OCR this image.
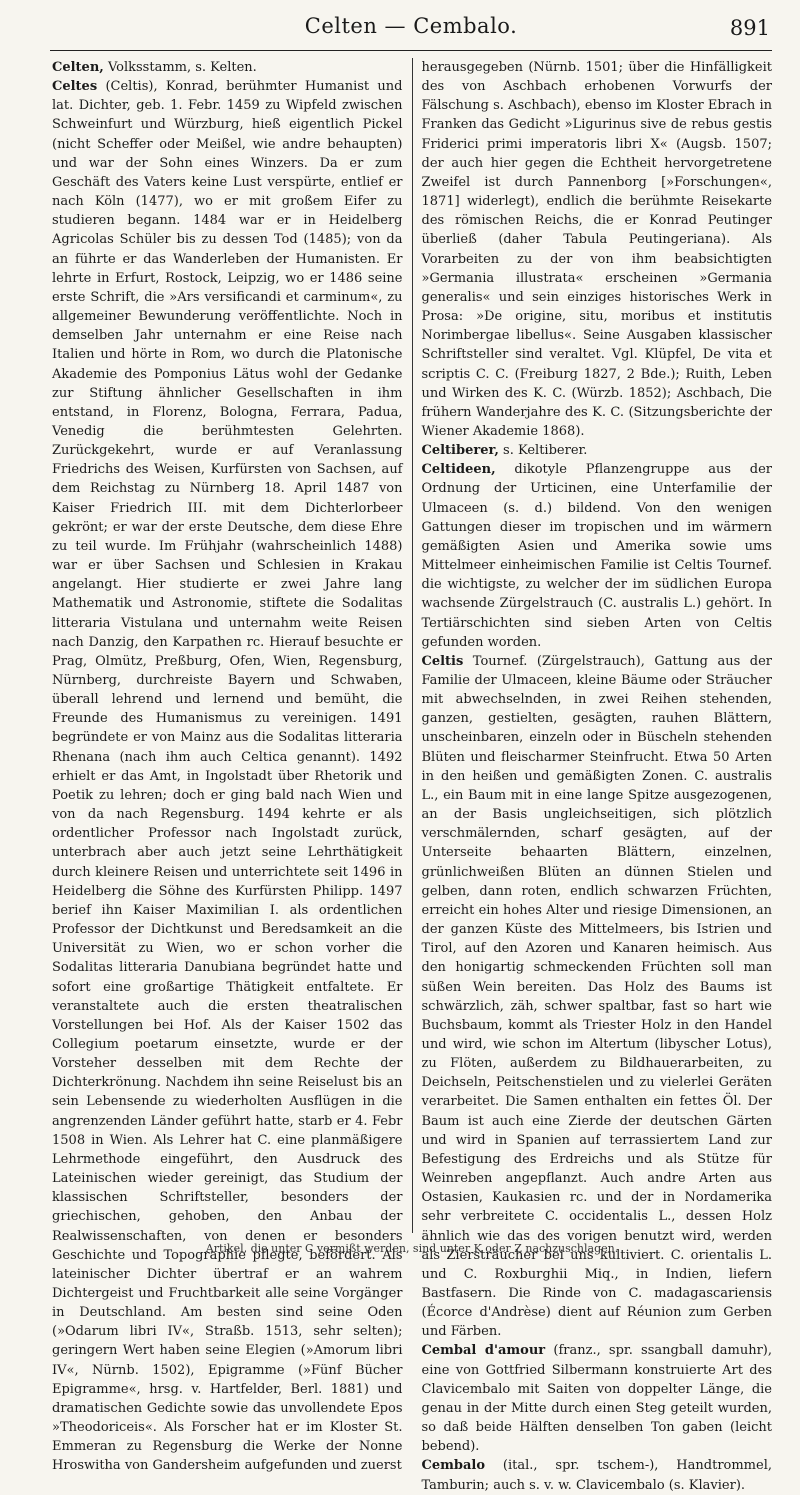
Celten — Cembalo.	891

Celten, Volksstamm, s. Kelten.

Celtes (Celtis), Konrad, berühmter Humanist und lat. Dichter, geb. 1. Febr. 1459 zu Wipfeld zwischen Schweinfurt und Würzburg, hieß eigentlich Pickel (nicht Scheffer oder Meißel, wie andre behaupten) und war der Sohn eines Winzers. Da er zum Geschäft des Vaters keine Lust verspürte, entlief er nach Köln (1477), wo er mit großem Eifer zu studieren begann. 1484 war er in Heidelberg Agricolas Schüler bis zu dessen Tod (1485); von da an führte er das Wanderleben der Humanisten. Er lehrte in Erfurt, Rostock, Leipzig, wo er 1486 seine erste Schrift, die »Ars versificandi et carminum«, zu allgemeiner Bewunderung veröffentlichte. Noch in demselben Jahr unternahm er eine Reise nach Italien und hörte in Rom, wo durch die Platonische Akademie des Pomponius Lätus wohl der Gedanke zur Stiftung ähnlicher Gesellschaften in ihm entstand, in Florenz, Bologna, Ferrara, Padua, Venedig die berühmtesten Gelehrten. Zurückgekehrt, wurde er auf Veranlassung Friedrichs des Weisen, Kurfürsten von Sachsen, auf dem Reichstag zu Nürnberg 18. April 1487 von Kaiser Friedrich III. mit dem Dichterlorbeer gekrönt; er war der erste Deutsche, dem diese Ehre zu teil wurde. Im Frühjahr (wahrscheinlich 1488) war er über Sachsen und Schlesien in Krakau angelangt. Hier studierte er zwei Jahre lang Mathematik und Astronomie, stiftete die Sodalitas litteraria Vistulana und unternahm weite Reisen nach Danzig, den Karpathen rc. Hierauf besuchte er Prag, Olmütz, Preßburg, Ofen, Wien, Regensburg, Nürnberg, durchreiste Bayern und Schwaben, überall lehrend und lernend und bemüht, die Freunde des Humanismus zu vereinigen. 1491 begründete er von Mainz aus die Sodalitas litteraria Rhenana (nach ihm auch Celtica genannt). 1492 erhielt er das Amt, in Ingolstadt über Rhetorik und Poetik zu lehren; doch er ging bald nach Wien und von da nach Regensburg. 1494 kehrte er als ordentlicher Professor nach Ingolstadt zurück, unterbrach aber auch jetzt seine Lehrthätigkeit durch kleinere Reisen und unterrichtete seit 1496 in Heidelberg die Söhne des Kurfürsten Philipp. 1497 berief ihn Kaiser Maximilian I. als ordentlichen Professor der Dichtkunst und Beredsamkeit an die Universität zu Wien, wo er schon vorher die Sodalitas litteraria Danubiana begründet hatte und sofort eine großartige Thätigkeit entfaltete. Er veranstaltete auch die ersten theatralischen Vorstellungen bei Hof. Als der Kaiser 1502 das Collegium poetarum einsetzte, wurde er der Vorsteher desselben mit dem Rechte der Dichterkrönung. Nachdem ihn seine Reiselust bis an sein Lebensende zu wiederholten Ausflügen in die angrenzenden Länder geführt hatte, starb er 4. Febr 1508 in Wien. Als Lehrer hat C. eine planmäßigere Lehrmethode eingeführt, den Ausdruck des Lateinischen wieder gereinigt, das Studium der klassischen Schriftsteller, besonders der griechischen, gehoben, den Anbau der Realwissenschaften, von denen er besonders Geschichte und Topographie pflegte, befördert. Als lateinischer Dichter übertraf er an wahrem Dichtergeist und Fruchtbarkeit alle seine Vorgänger in Deutschland. Am besten sind seine Oden (»Odarum libri IV«, Straßb. 1513, sehr selten); geringern Wert haben seine Elegien (»Amorum libri IV«, Nürnb. 1502), Epigramme (»Fünf Bücher Epigramme«, hrsg. v. Hartfelder, Berl. 1881) und dramatischen Gedichte sowie das unvollendete Epos »Theodoriceis«. Als Forscher hat er im Kloster St. Emmeran zu Regensburg die Werke der Nonne Hroswitha von Gandersheim aufgefunden und zuerst

herausgegeben (Nürnb. 1501; über die Hinfälligkeit des von Aschbach erhobenen Vorwurfs der Fälschung s. Aschbach), ebenso im Kloster Ebrach in Franken das Gedicht »Ligurinus sive de rebus gestis Friderici primi imperatoris libri X« (Augsb. 1507; der auch hier gegen die Echtheit hervorgetretene Zweifel ist durch Pannenborg [»Forschungen«, 1871] widerlegt), endlich die berühmte Reisekarte des römischen Reichs, die er Konrad Peutinger überließ (daher Tabula Peutingeriana). Als Vorarbeiten zu der von ihm beabsichtigten »Germania illustrata« erscheinen »Germania generalis« und sein einziges historisches Werk in Prosa: »De origine, situ, moribus et institutis Norimbergae libellus«. Seine Ausgaben klassischer Schriftsteller sind veraltet. Vgl. Klüpfel, De vita et scriptis C. C. (Freiburg 1827, 2 Bde.); Ruith, Leben und Wirken des K. C. (Würzb. 1852); Aschbach, Die frühern Wanderjahre des K. C. (Sitzungsberichte der Wiener Akademie 1868).

Celtiberer, s. Keltiberer.

Celtideen, dikotyle Pflanzengruppe aus der Ordnung der Urticinen, eine Unterfamilie der Ulmaceen (s. d.) bildend. Von den wenigen Gattungen dieser im tropischen und im wärmern gemäßigten Asien und Amerika sowie ums Mittelmeer einheimischen Familie ist Celtis Tournef. die wichtigste, zu welcher der im südlichen Europa wachsende Zürgelstrauch (C. australis L.) gehört. In Tertiärschichten sind sieben Arten von Celtis gefunden worden.

Celtis Tournef. (Zürgelstrauch), Gattung aus der Familie der Ulmaceen, kleine Bäume oder Sträucher mit abwechselnden, in zwei Reihen stehenden, ganzen, gestielten, gesägten, rauhen Blättern, unscheinbaren, einzeln oder in Büscheln stehenden Blüten und fleischarmer Steinfrucht. Etwa 50 Arten in den heißen und gemäßigten Zonen. C. australis L., ein Baum mit in eine lange Spitze ausgezogenen, an der Basis ungleichseitigen, sich plötzlich verschmälernden, scharf gesägten, auf der Unterseite behaarten Blättern, einzelnen, grünlichweißen Blüten an dünnen Stielen und gelben, dann roten, endlich schwarzen Früchten, erreicht ein hohes Alter und riesige Dimensionen, an der ganzen Küste des Mittelmeers, bis Istrien und Tirol, auf den Azoren und Kanaren heimisch. Aus den honigartig schmeckenden Früchten soll man süßen Wein bereiten. Das Holz des Baums ist schwärzlich, zäh, schwer spaltbar, fast so hart wie Buchsbaum, kommt als Triester Holz in den Handel und wird, wie schon im Altertum (libyscher Lotus), zu Flöten, außerdem zu Bildhauerarbeiten, zu Deichseln, Peitschenstielen und zu vielerlei Geräten verarbeitet. Die Samen enthalten ein fettes Öl. Der Baum ist auch eine Zierde der deutschen Gärten und wird in Spanien auf terrassiertem Land zur Befestigung des Erdreichs und als Stütze für Weinreben angepflanzt. Auch andre Arten aus Ostasien, Kaukasien rc. und der in Nordamerika sehr verbreitete C. occidentalis L., dessen Holz ähnlich wie das des vorigen benutzt wird, werden als Ziersträucher bei uns kultiviert. C. orientalis L. und C. Roxburghii Miq., in Indien, liefern Bastfasern. Die Rinde von C. madagascariensis (Écorce d'Andrèse) dient auf Réunion zum Gerben und Färben.

Cembal d'amour (franz., spr. ssangball damuhr), eine von Gottfried Silbermann konstruierte Art des Clavicembalo mit Saiten von doppelter Länge, die genau in der Mitte durch einen Steg geteilt wurden, so daß beide Hälften denselben Ton gaben (leicht bebend).

Cembalo (ital., spr. tschem-), Handtrommel, Tamburin; auch s. v. w. Clavicembalo (s. Klavier).

Artikel, die unter C vermißt werden, sind unter K oder Z nachzuschlagen.
